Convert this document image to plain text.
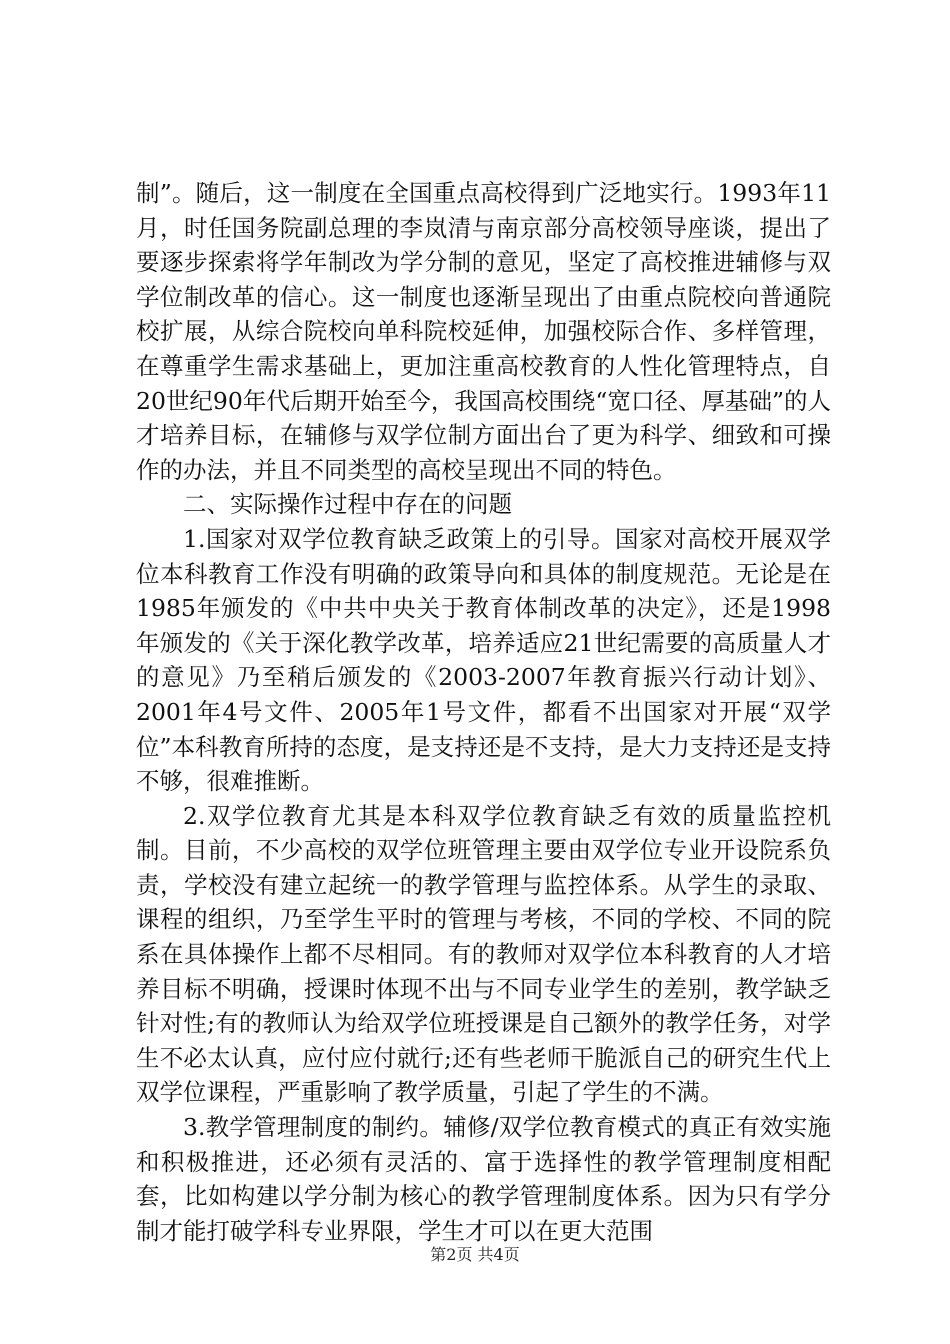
制”。随后，这一制度在全国重点高校得到广泛地实行。1993年11月，时任国务院副总理的李岚清与南京部分高校领导座谈，提出了要逐步探索将学年制改为学分制的意见，坚定了高校推进辅修与双学位制改革的信心。这一制度也逐渐呈现出了由重点院校向普通院校扩展，从综合院校向单科院校延伸，加强校际合作、多样管理，在尊重学生需求基础上，更加注重高校教育的人性化管理特点，自20世纪90年代后期开始至今，我国高校围绕“宽口径、厚基础”的人才培养目标，在辅修与双学位制方面出台了更为科学、细致和可操作的办法，并且不同类型的高校呈现出不同的特色。

二、实际操作过程中存在的问题

1.国家对双学位教育缺乏政策上的引导。国家对高校开展双学位本科教育工作没有明确的政策导向和具体的制度规范。无论是在1985年颁发的《中共中央关于教育体制改革的决定》，还是1998年颁发的《关于深化教学改革，培养适应21世纪需要的高质量人才的意见》乃至稍后颁发的《2003-2007年教育振兴行动计划》、2001年4号文件、2005年1号文件，都看不出国家对开展“双学位”本科教育所持的态度，是支持还是不支持，是大力支持还是支持不够，很难推断。

2.双学位教育尤其是本科双学位教育缺乏有效的质量监控机制。目前，不少高校的双学位班管理主要由双学位专业开设院系负责，学校没有建立起统一的教学管理与监控体系。从学生的录取、课程的组织，乃至学生平时的管理与考核，不同的学校、不同的院系在具体操作上都不尽相同。有的教师对双学位本科教育的人才培养目标不明确，授课时体现不出与不同专业学生的差别，教学缺乏针对性;有的教师认为给双学位班授课是自己额外的教学任务，对学生不必太认真，应付应付就行;还有些老师干脆派自己的研究生代上双学位课程，严重影响了教学质量，引起了学生的不满。

3.教学管理制度的制约。辅修/双学位教育模式的真正有效实施和积极推进，还必须有灵活的、富于选择性的教学管理制度相配套，比如构建以学分制为核心的教学管理制度体系。因为只有学分制才能打破学科专业界限，学生才可以在更大范围

第2页 共4页
